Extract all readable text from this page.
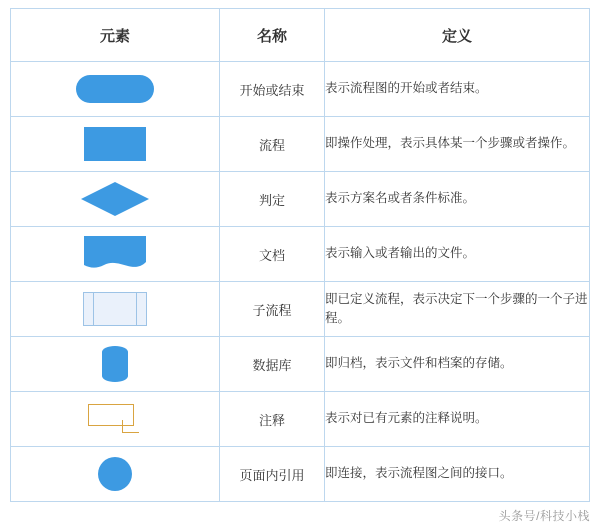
元素	名称	定义

	开始或结束	表示流程图的开始或者结束。

	流程	即操作处理，表示具体某一个步骤或者操作。

	判定	表示方案名或者条件标准。

	文档	表示输入或者输出的文件。

	子流程	即已定义流程，表示决定下一个步骤的一个子进程。

	数据库	即归档，表示文件和档案的存储。

	注释	表示对已有元素的注释说明。

	页面内引用	即连接，表示流程图之间的接口。
头条号/科技小栈
